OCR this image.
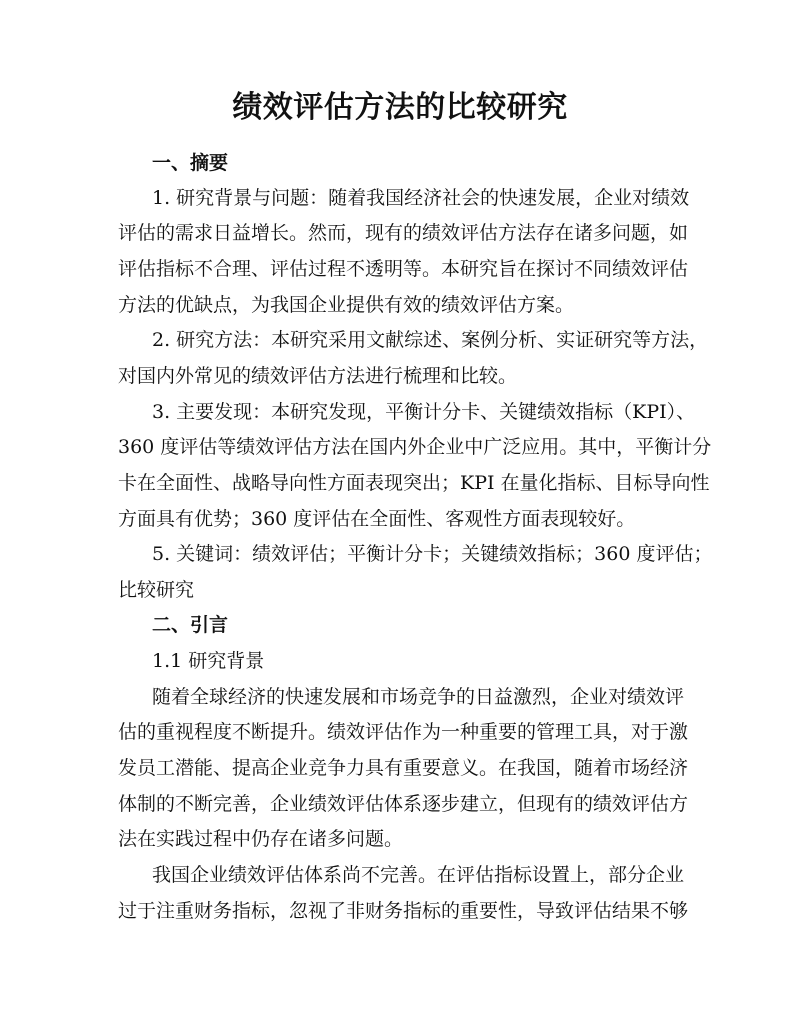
绩效评估方法的比较研究
一、摘要
1. 研究背景与问题：随着我国经济社会的快速发展，企业对绩效
评估的需求日益增长。然而，现有的绩效评估方法存在诸多问题，如
评估指标不合理、评估过程不透明等。本研究旨在探讨不同绩效评估
方法的优缺点，为我国企业提供有效的绩效评估方案。
2. 研究方法：本研究采用文献综述、案例分析、实证研究等方法，
对国内外常见的绩效评估方法进行梳理和比较。
3. 主要发现：本研究发现，平衡计分卡、关键绩效指标（KPI）、
360 度评估等绩效评估方法在国内外企业中广泛应用。其中，平衡计分
卡在全面性、战略导向性方面表现突出；KPI 在量化指标、目标导向性
方面具有优势；360 度评估在全面性、客观性方面表现较好。
5. 关键词：绩效评估；平衡计分卡；关键绩效指标；360 度评估；
比较研究
二、引言
1.1 研究背景
随着全球经济的快速发展和市场竞争的日益激烈，企业对绩效评
估的重视程度不断提升。绩效评估作为一种重要的管理工具，对于激
发员工潜能、提高企业竞争力具有重要意义。在我国，随着市场经济
体制的不断完善，企业绩效评估体系逐步建立，但现有的绩效评估方
法在实践过程中仍存在诸多问题。
我国企业绩效评估体系尚不完善。在评估指标设置上，部分企业
过于注重财务指标，忽视了非财务指标的重要性，导致评估结果不够
